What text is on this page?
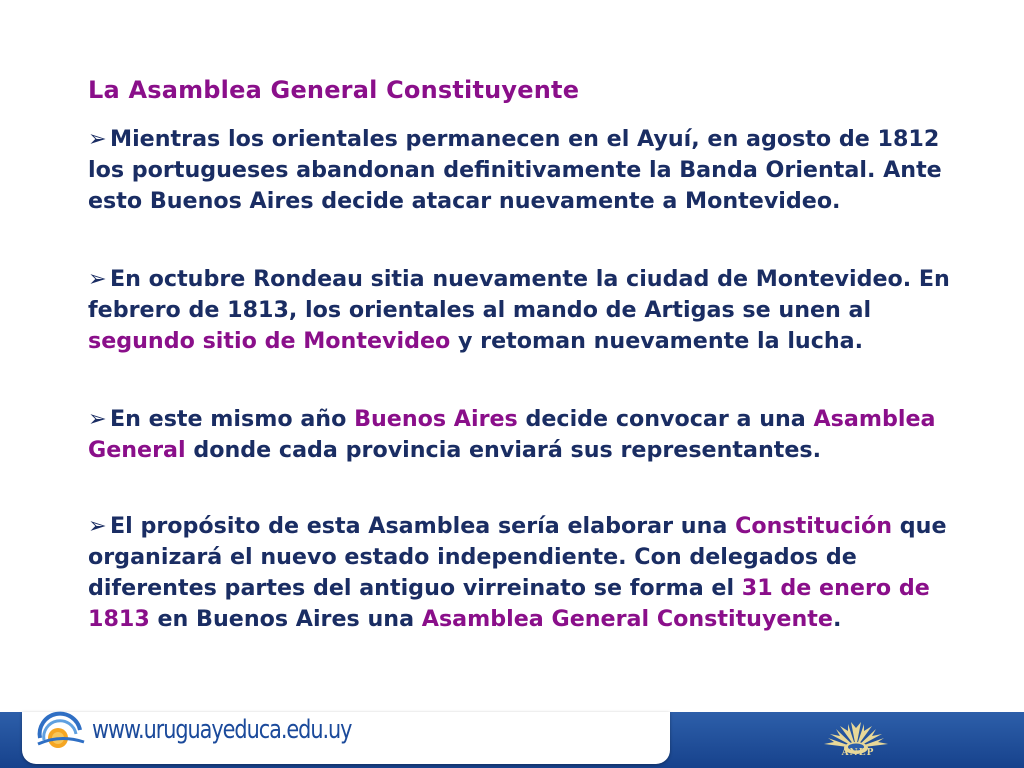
La Asamblea General Constituyente

➢ Mientras los orientales permanecen en el Ayuí, en agosto de 1812 los portugueses abandonan definitivamente la Banda Oriental. Ante esto Buenos Aires decide atacar nuevamente a Montevideo.

➢ En octubre Rondeau sitia nuevamente la ciudad de Montevideo. En febrero de 1813, los orientales al mando de Artigas se unen al segundo sitio de Montevideo y retoman nuevamente la lucha.

➢ En este mismo año Buenos Aires decide convocar a una Asamblea General donde cada provincia enviará sus representantes.

➢ El propósito de esta Asamblea sería elaborar una Constitución que organizará el nuevo estado independiente. Con delegados de diferentes partes del antiguo virreinato se forma el 31 de enero de 1813 en Buenos Aires una Asamblea General Constituyente.

www.uruguayeduca.edu.uy
ANEP
